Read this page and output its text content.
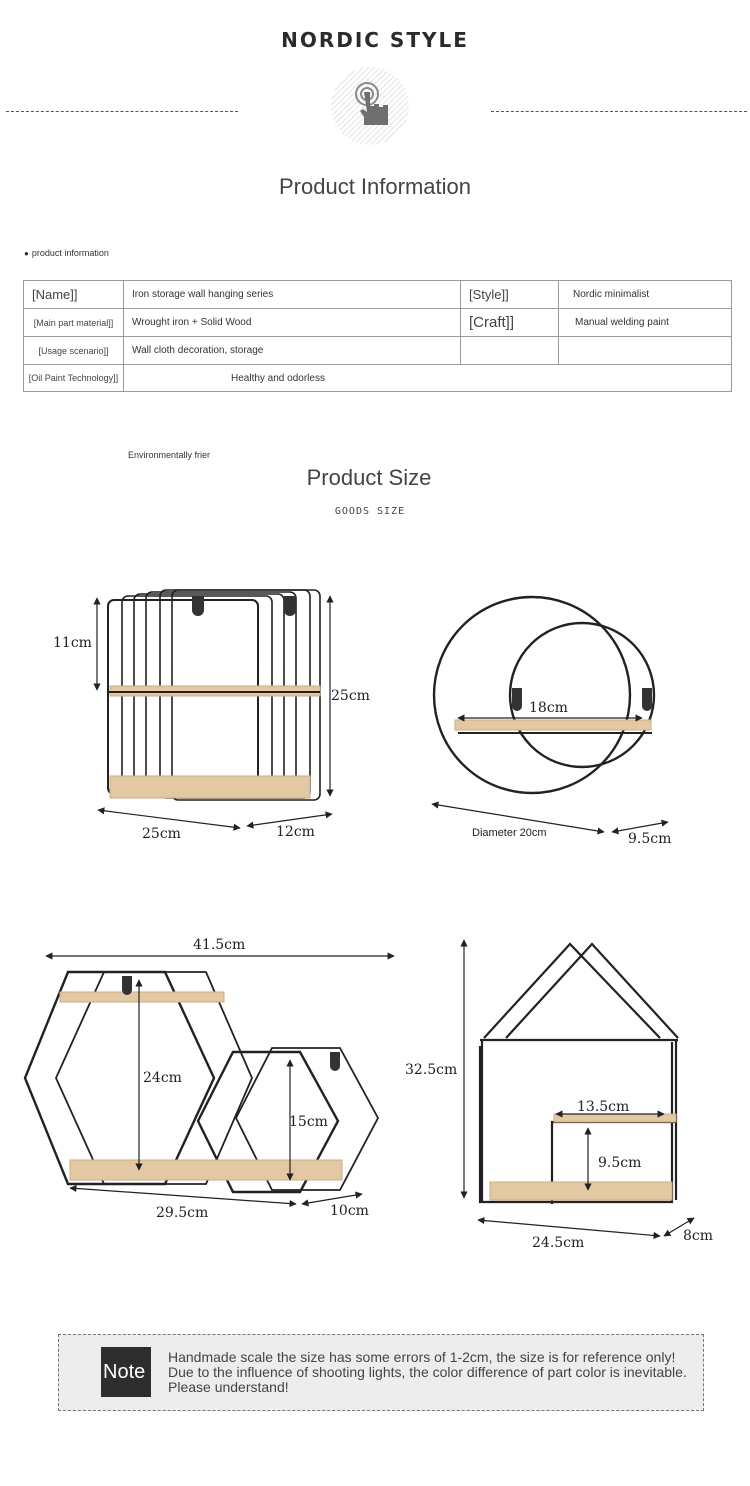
NORDIC STYLE
Product Information
● product information
[Name]]	Iron storage wall hanging series	[Style]]	Nordic minimalist
[Main part material]]	Wrought iron + Solid Wood	[Craft]]	Manual welding paint
[Usage scenario]]	Wall cloth decoration, storage		
[Oil Paint Technology]]	Healthy and odorless		
Environmentally frier
Product Size
GOODS SIZE
11cm
25cm
25cm	12cm
18cm
Diameter 20cm	9.5cm
41.5cm
24cm
15cm
29.5cm	10cm
32.5cm
13.5cm
9.5cm
24.5cm	8cm
Note
Handmade scale the size has some errors of 1-2cm, the size is for reference only! Due to the influence of shooting lights, the color difference of part color is inevitable. Please understand!
